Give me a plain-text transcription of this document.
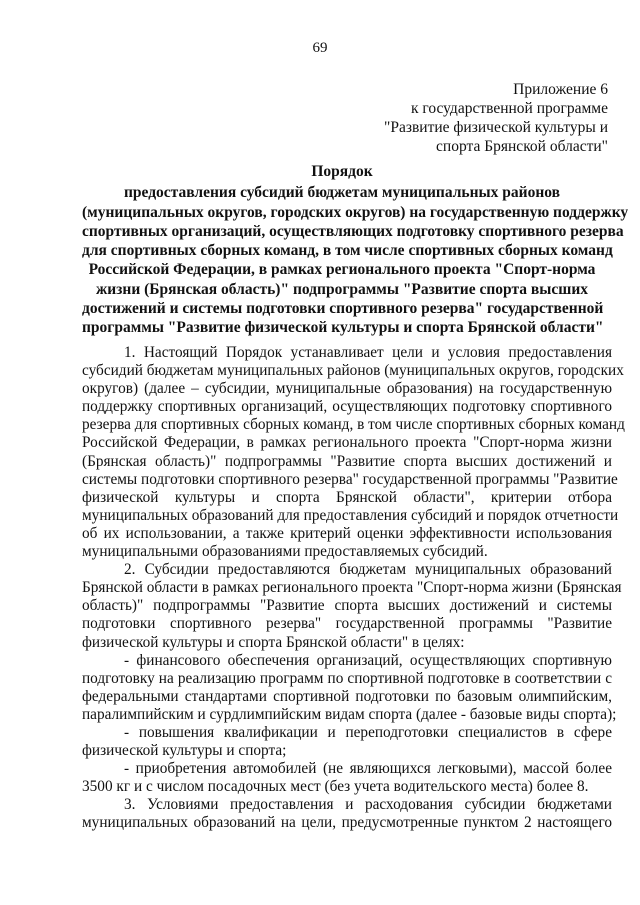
69
Приложение 6
к государственной программе
"Развитие физической культуры и
спорта Брянской области"
Порядок
предоставления субсидий бюджетам муниципальных районов
(муниципальных округов, городских округов) на государственную поддержку
спортивных организаций, осуществляющих подготовку спортивного резерва
для спортивных сборных команд, в том числе спортивных сборных команд
Российской Федерации, в рамках регионального проекта "Спорт-норма
жизни (Брянская область)" подпрограммы "Развитие спорта высших
достижений и системы подготовки спортивного резерва" государственной
программы "Развитие физической культуры и спорта Брянской области"
1. Настоящий Порядок устанавливает цели и условия предоставления
субсидий бюджетам муниципальных районов (муниципальных округов, городских
округов) (далее – субсидии, муниципальные образования) на государственную
поддержку спортивных организаций, осуществляющих подготовку спортивного
резерва для спортивных сборных команд, в том числе спортивных сборных команд
Российской Федерации, в рамках регионального проекта "Спорт-норма жизни
(Брянская область)" подпрограммы "Развитие спорта высших достижений и
системы подготовки спортивного резерва" государственной программы "Развитие
физической культуры и спорта Брянской области", критерии отбора
муниципальных образований для предоставления субсидий и порядок отчетности
об их использовании, а также критерий оценки эффективности использования
муниципальными образованиями предоставляемых субсидий.
2. Субсидии предоставляются бюджетам муниципальных образований
Брянской области в рамках регионального проекта "Спорт-норма жизни (Брянская
область)" подпрограммы "Развитие спорта высших достижений и системы
подготовки спортивного резерва" государственной программы "Развитие
физической культуры и спорта Брянской области" в целях:
- финансового обеспечения организаций, осуществляющих спортивную
подготовку на реализацию программ по спортивной подготовке в соответствии с
федеральными стандартами спортивной подготовки по базовым олимпийским,
паралимпийским и сурдлимпийским видам спорта (далее - базовые виды спорта);
- повышения квалификации и переподготовки специалистов в сфере
физической культуры и спорта;
- приобретения автомобилей (не являющихся легковыми), массой более
3500 кг и с числом посадочных мест (без учета водительского места) более 8.
3. Условиями предоставления и расходования субсидии бюджетами
муниципальных образований на цели, предусмотренные пунктом 2 настоящего
